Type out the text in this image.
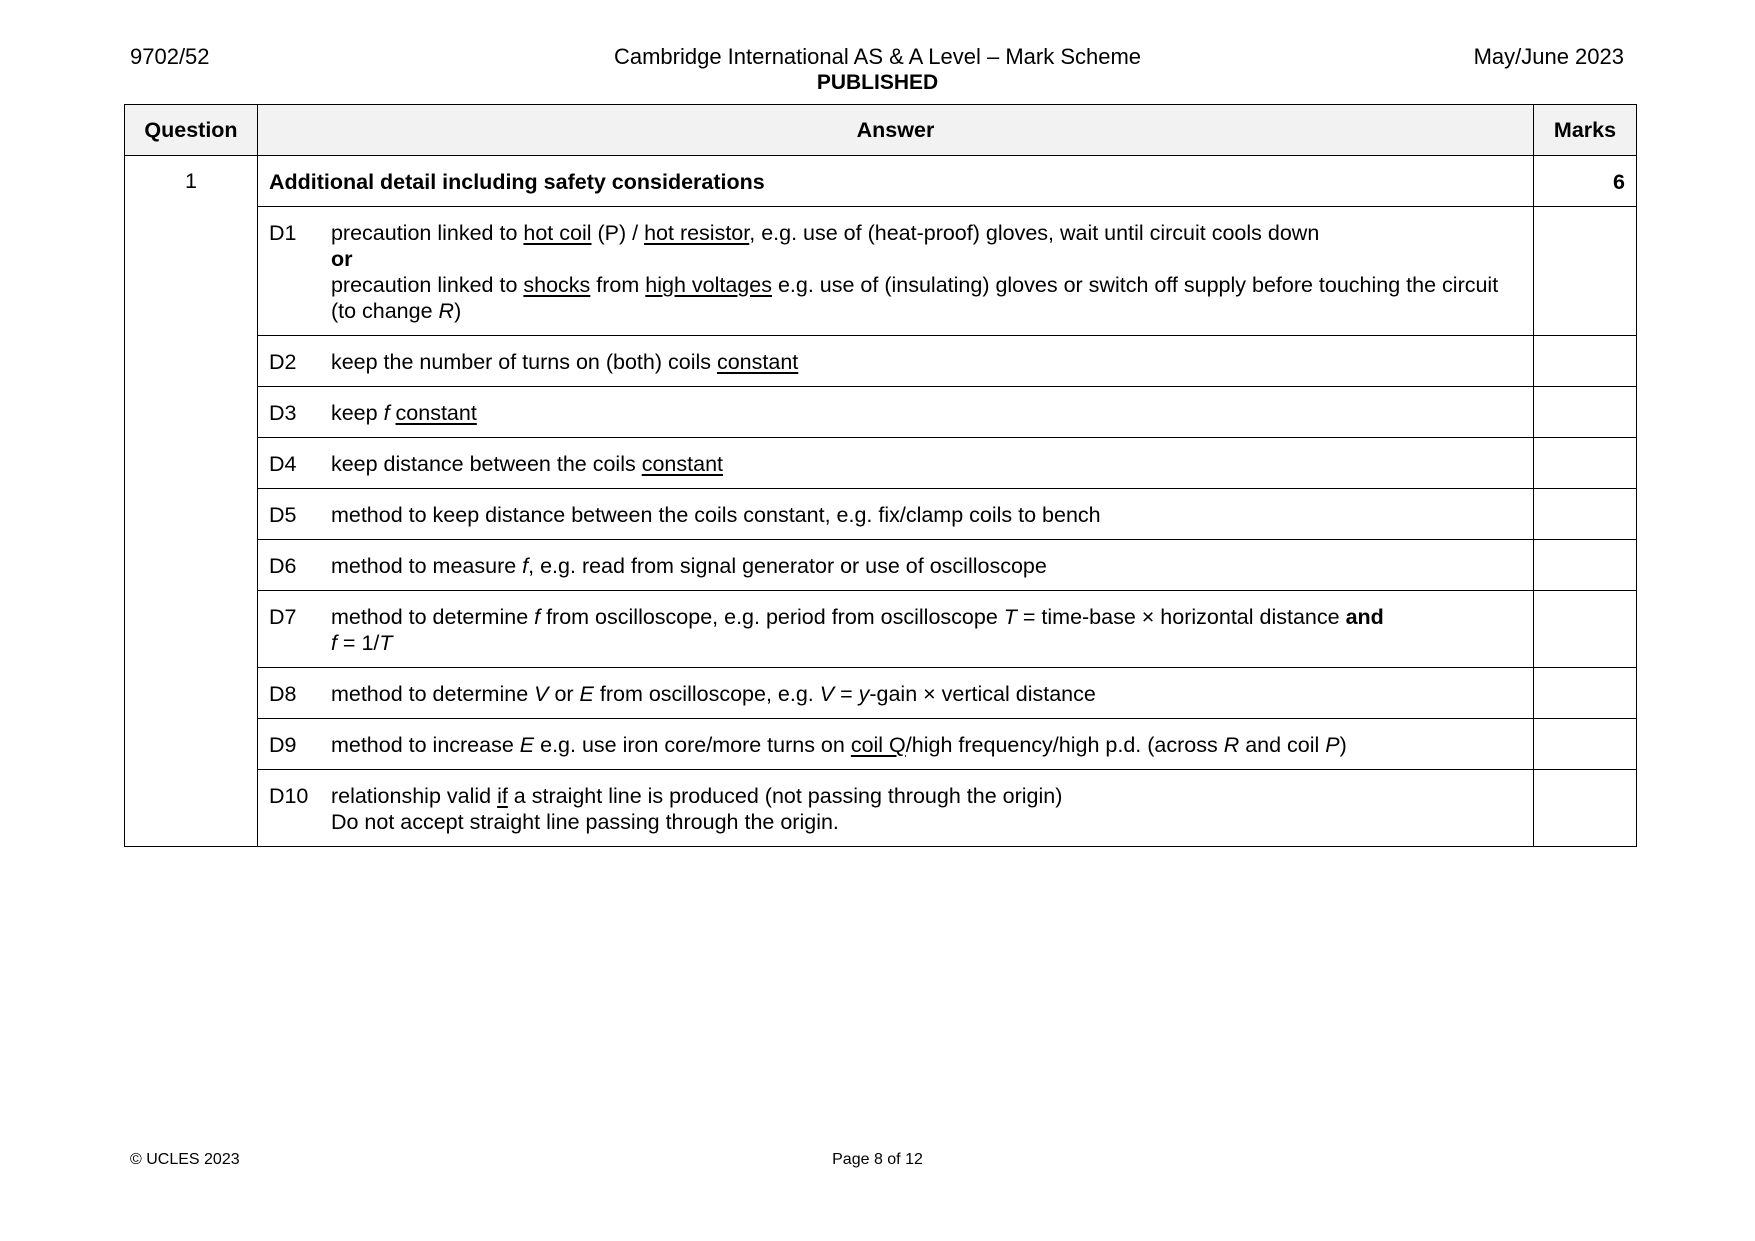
9702/52	Cambridge International AS & A Level – Mark Scheme
PUBLISHED
May/June 2023
Question	Answer	Marks
1	Additional detail including safety considerations	6

	D1 precaution linked to hot coil (P) / hot resistor, e.g. use of (heat-proof) gloves, wait until circuit cools down
or
precaution linked to shocks from high voltages e.g. use of (insulating) gloves or switch off supply before touching the circuit (to change R)	

	D2 keep the number of turns on (both) coils constant	

	D3 keep f constant	

	D4 keep distance between the coils constant	

	D5 method to keep distance between the coils constant, e.g. fix/clamp coils to bench	

	D6 method to measure f, e.g. read from signal generator or use of oscilloscope	

	D7 method to determine f from oscilloscope, e.g. period from oscilloscope T = time-base × horizontal distance and
f = 1/T	

	D8 method to determine V or E from oscilloscope, e.g. V = y-gain × vertical distance	

	D9 method to increase E e.g. use iron core/more turns on coil Q/high frequency/high p.d. (across R and coil P)	

	D10 relationship valid if a straight line is produced (not passing through the origin)
Do not accept straight line passing through the origin.	

© UCLES 2023	Page 8 of 12
